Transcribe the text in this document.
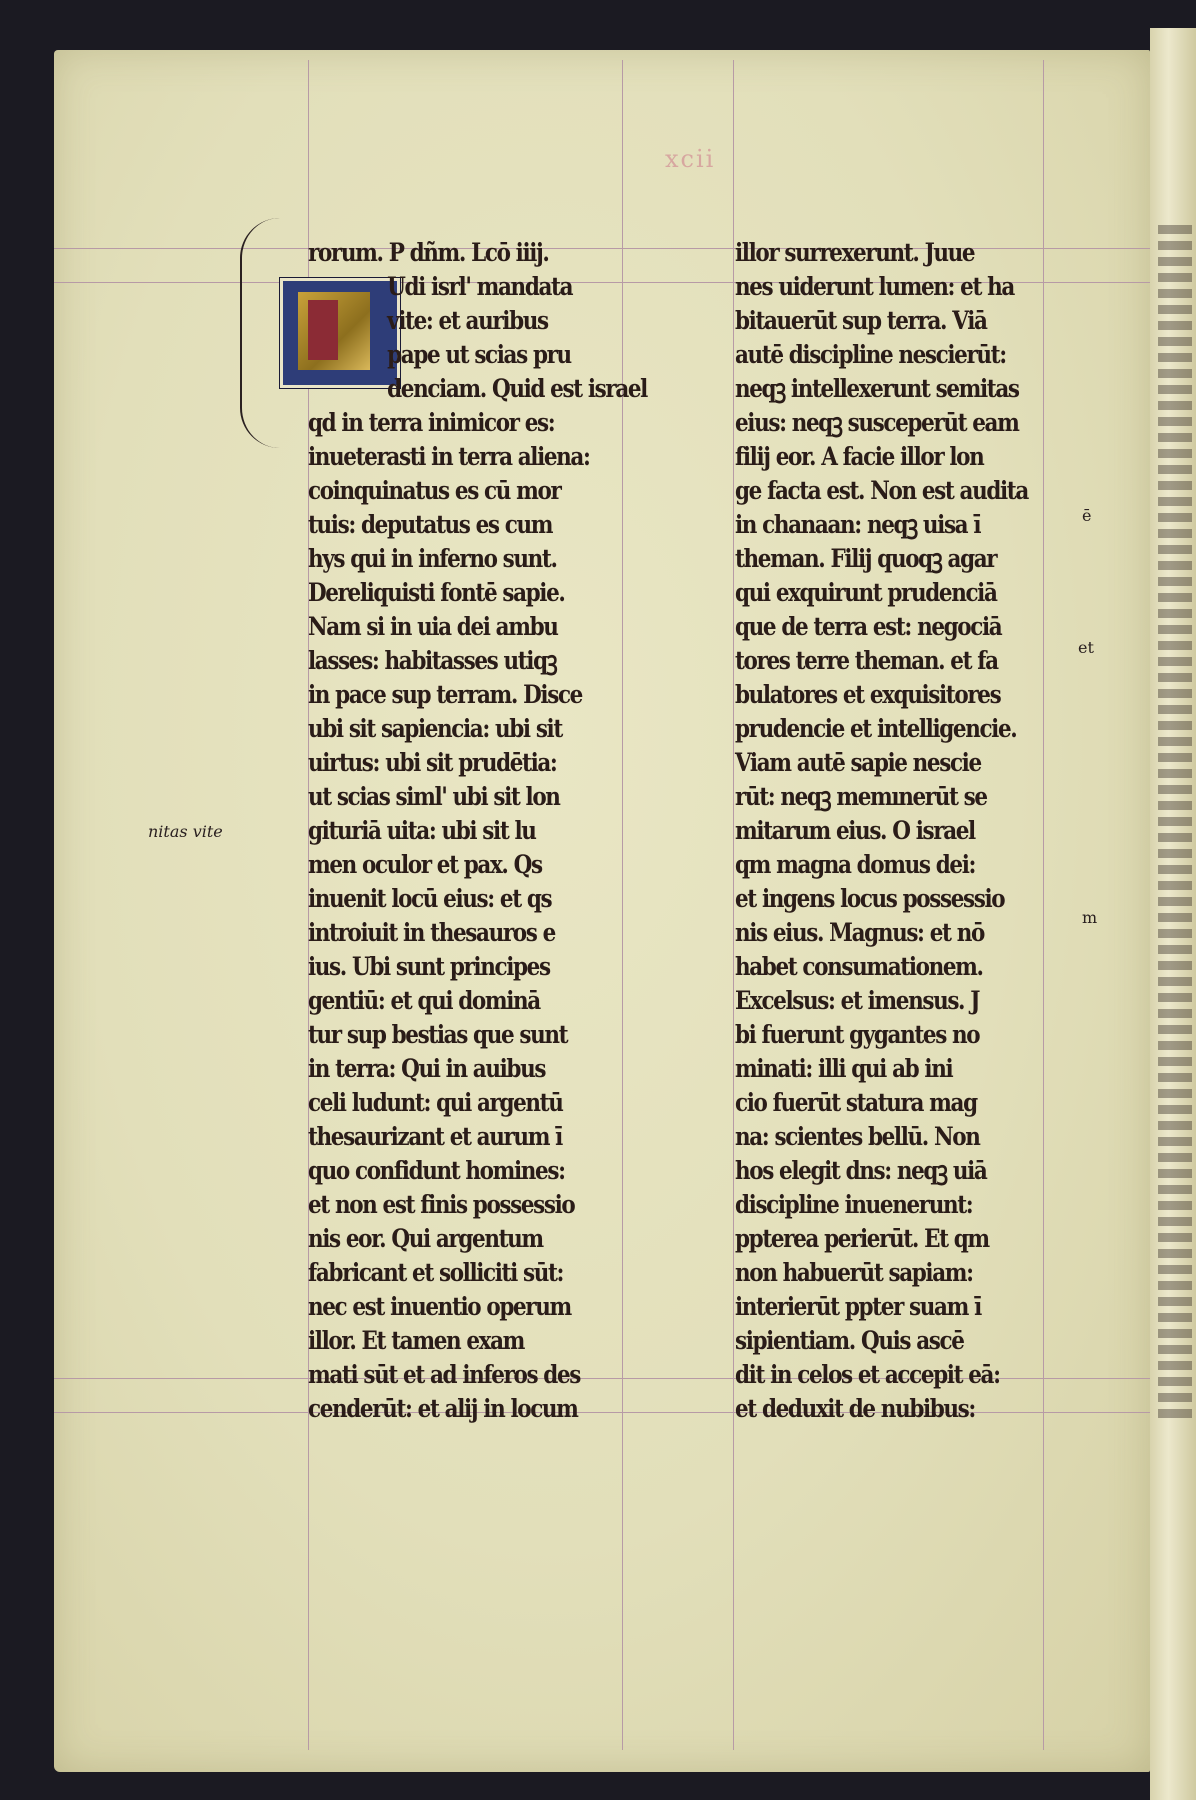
xcii
nitas vite
ē
et
m
rorum. P dñm. Lcō iiij.
Udi isrl' mandata
vite: et auribus
pape ut scias pru
denciam. Quid est israel
qd in terra inimicor es:
inueterasti in terra aliena:
coinquinatus es cū mor
tuis: deputatus es cum
hys qui in inferno sunt.
Dereliquisti fontē sapie.
Nam si in uia dei ambu
lasses: habitasses utiqꝫ
in pace sup terram. Disce
ubi sit sapiencia: ubi sit
uirtus: ubi sit prudētia:
ut scias siml' ubi sit lon
gituriā uita: ubi sit lu
men oculor et pax. Qs
inuenit locū eius: et qs
introiuit in thesauros e
ius. Ubi sunt principes
gentiū: et qui dominā
tur sup bestias que sunt
in terra: Qui in auibus
celi ludunt: qui argentū
thesaurizant et aurum ī
quo confidunt homines:
et non est finis possessio
nis eor. Qui argentum
fabricant et solliciti sūt:
nec est inuentio operum
illor. Et tamen exam
mati sūt et ad inferos des
cenderūt: et alij in locum
illor surrexerunt. Juue
nes uiderunt lumen: et ha
bitauerūt sup terra. Viā
autē discipline nescierūt:
neqꝫ intellexerunt semitas
eius: neqꝫ susceperūt eam
filij eor. A facie illor lon
ge facta est. Non est audita
in chanaan: neqꝫ uisa ī
theman. Filij quoqꝫ agar
qui exquirunt prudenciā
que de terra est: negociā
tores terre theman. et fa
bulatores et exquisitores
prudencie et intelligencie.
Viam autē sapie nescie
rūt: neqꝫ memınerūt se
mitarum eius. O israel
qm magna domus dei:
et ingens locus possessio
nis eius. Magnus: et nō
habet consumationem.
Excelsus: et imensus. J
bi fuerunt gygantes no
minati: illi qui ab ini
cio fuerūt statura mag
na: scientes bellū. Non
hos elegit dns: neqꝫ uiā
discipline inuenerunt:
ppterea perierūt. Et qm
non habuerūt sapiam:
interierūt ppter suam ī
sipientiam. Quis ascē
dit in celos et accepit eā:
et deduxit de nubibus:
